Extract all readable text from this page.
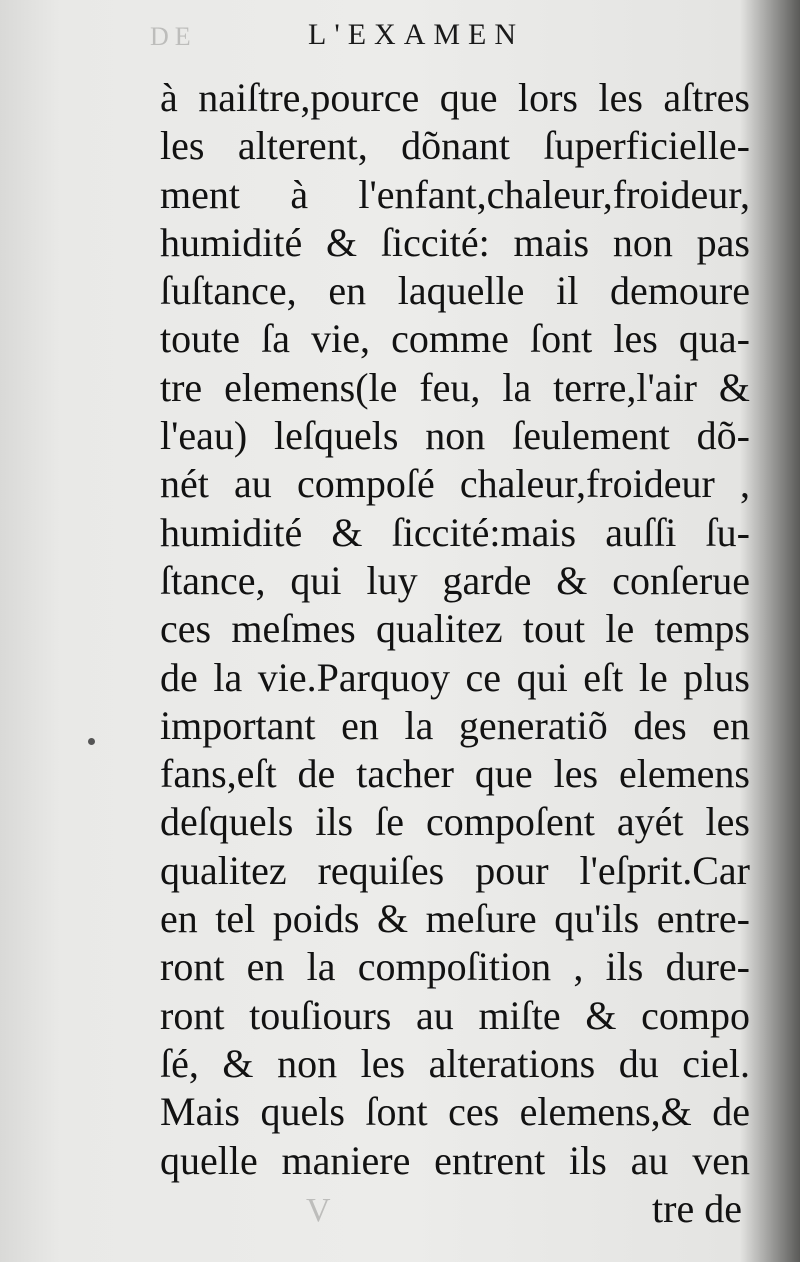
DE
V
L'EXAMEN
à naiſtre,pource que lors les aſtres
les alterent, dõnant ſuperficielle-
ment à l'enfant,chaleur,froideur,
humidité & ſiccité: mais non pas
ſuſtance, en laquelle il demoure
toute ſa vie, comme ſont les qua-
tre elemens(le feu, la terre,l'air &
l'eau) leſquels non ſeulement dõ-
nét au compoſé chaleur,froideur ,
humidité & ſiccité:mais auſſi ſu-
ſtance, qui luy garde & conſerue
ces meſmes qualitez tout le temps
de la vie.Parquoy ce qui eſt le plus
important en la generatiõ des en
fans,eſt de tacher que les elemens
deſquels ils ſe compoſent ayét les
qualitez requiſes pour l'eſprit.Car
en tel poids & meſure qu'ils entre-
ront en la compoſition , ils dure-
ront touſiours au miſte & compo
ſé, & non les alterations du ciel.
Mais quels ſont ces elemens,& de
quelle maniere entrent ils au ven
tre de
